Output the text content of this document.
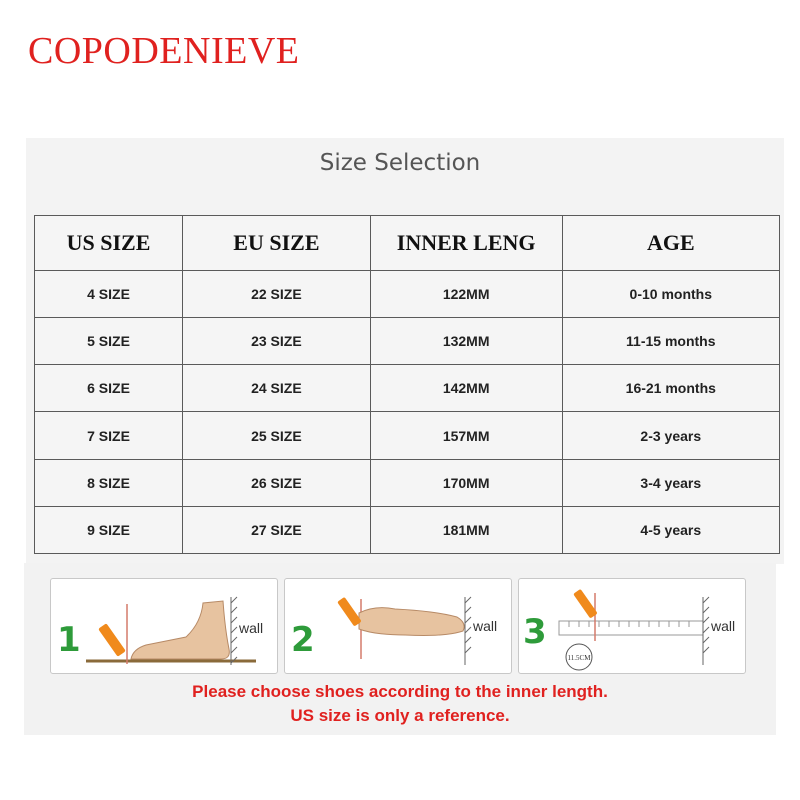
COPODENIEVE
Size Selection
US SIZE	EU SIZE	INNER LENG	AGE
4 SIZE	22 SIZE	122MM	0-10 months
5 SIZE	23 SIZE	132MM	11-15 months
6 SIZE	24 SIZE	142MM	16-21 months
7 SIZE	25 SIZE	157MM	2-3 years
8 SIZE	26 SIZE	170MM	3-4 years
9 SIZE	27 SIZE	181MM	4-5 years
wall
1	wall
2	11.5CM
wall
3
Please choose shoes according to the inner length.
US size is only a reference.
